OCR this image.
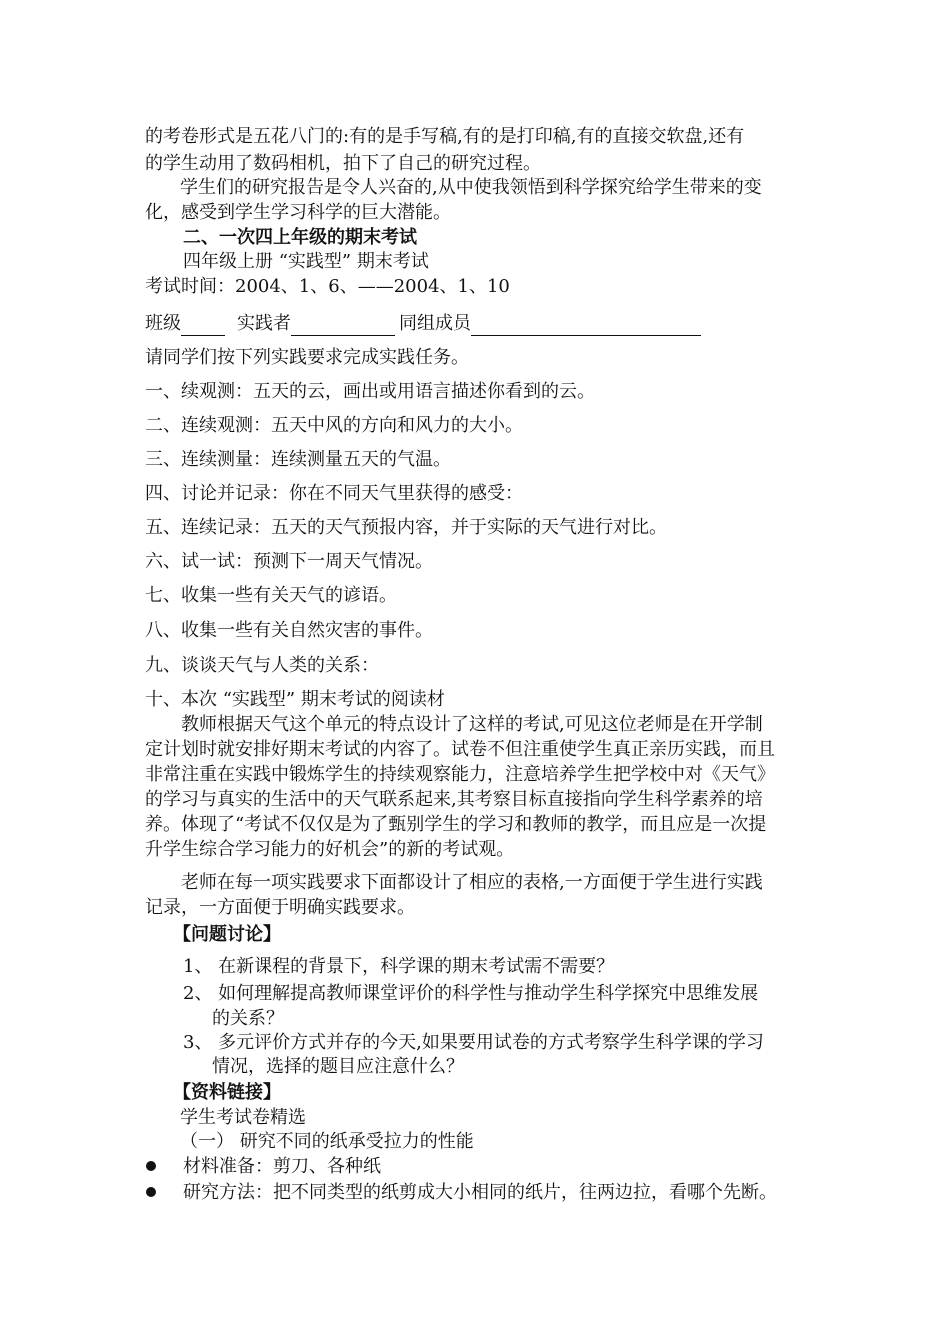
的考卷形式是五花八门的:有的是手写稿,有的是打印稿,有的直接交软盘,还有
的学生动用了数码相机，拍下了自己的研究过程。
学生们的研究报告是令人兴奋的,从中使我领悟到科学探究给学生带来的变
化，感受到学生学习科学的巨大潜能。
二、一次四上年级的期末考试
四年级上册 “实践型” 期末考试
考试时间：2004、1、6、——2004、1、10
班级	实践者	同组成员
请同学们按下列实践要求完成实践任务。
一、续观测：五天的云，画出或用语言描述你看到的云。
二、连续观测：五天中风的方向和风力的大小。
三、连续测量：连续测量五天的气温。
四、讨论并记录：你在不同天气里获得的感受：
五、连续记录：五天的天气预报内容，并于实际的天气进行对比。
六、试一试：预测下一周天气情况。
七、收集一些有关天气的谚语。
八、收集一些有关自然灾害的事件。
九、谈谈天气与人类的关系：
十、本次 “实践型” 期末考试的阅读材
教师根据天气这个单元的特点设计了这样的考试,可见这位老师是在开学制
定计划时就安排好期末考试的内容了。试卷不但注重使学生真正亲历实践，而且
非常注重在实践中锻炼学生的持续观察能力，注意培养学生把学校中对《天气》
的学习与真实的生活中的天气联系起来,其考察目标直接指向学生科学素养的培
养。体现了“考试不仅仅是为了甄别学生的学习和教师的教学，而且应是一次提
升学生综合学习能力的好机会”的新的考试观。
老师在每一项实践要求下面都设计了相应的表格,一方面便于学生进行实践
记录，一方面便于明确实践要求。
【问题讨论】
1、 在新课程的背景下，科学课的期末考试需不需要？
2、 如何理解提高教师课堂评价的科学性与推动学生科学探究中思维发展
的关系？
3、 多元评价方式并存的今天,如果要用试卷的方式考察学生科学课的学习
情况，选择的题目应注意什么？
【资料链接】
学生考试卷精选
（一） 研究不同的纸承受拉力的性能
材料准备：剪刀、各种纸
研究方法：把不同类型的纸剪成大小相同的纸片，往两边拉，看哪个先断。
